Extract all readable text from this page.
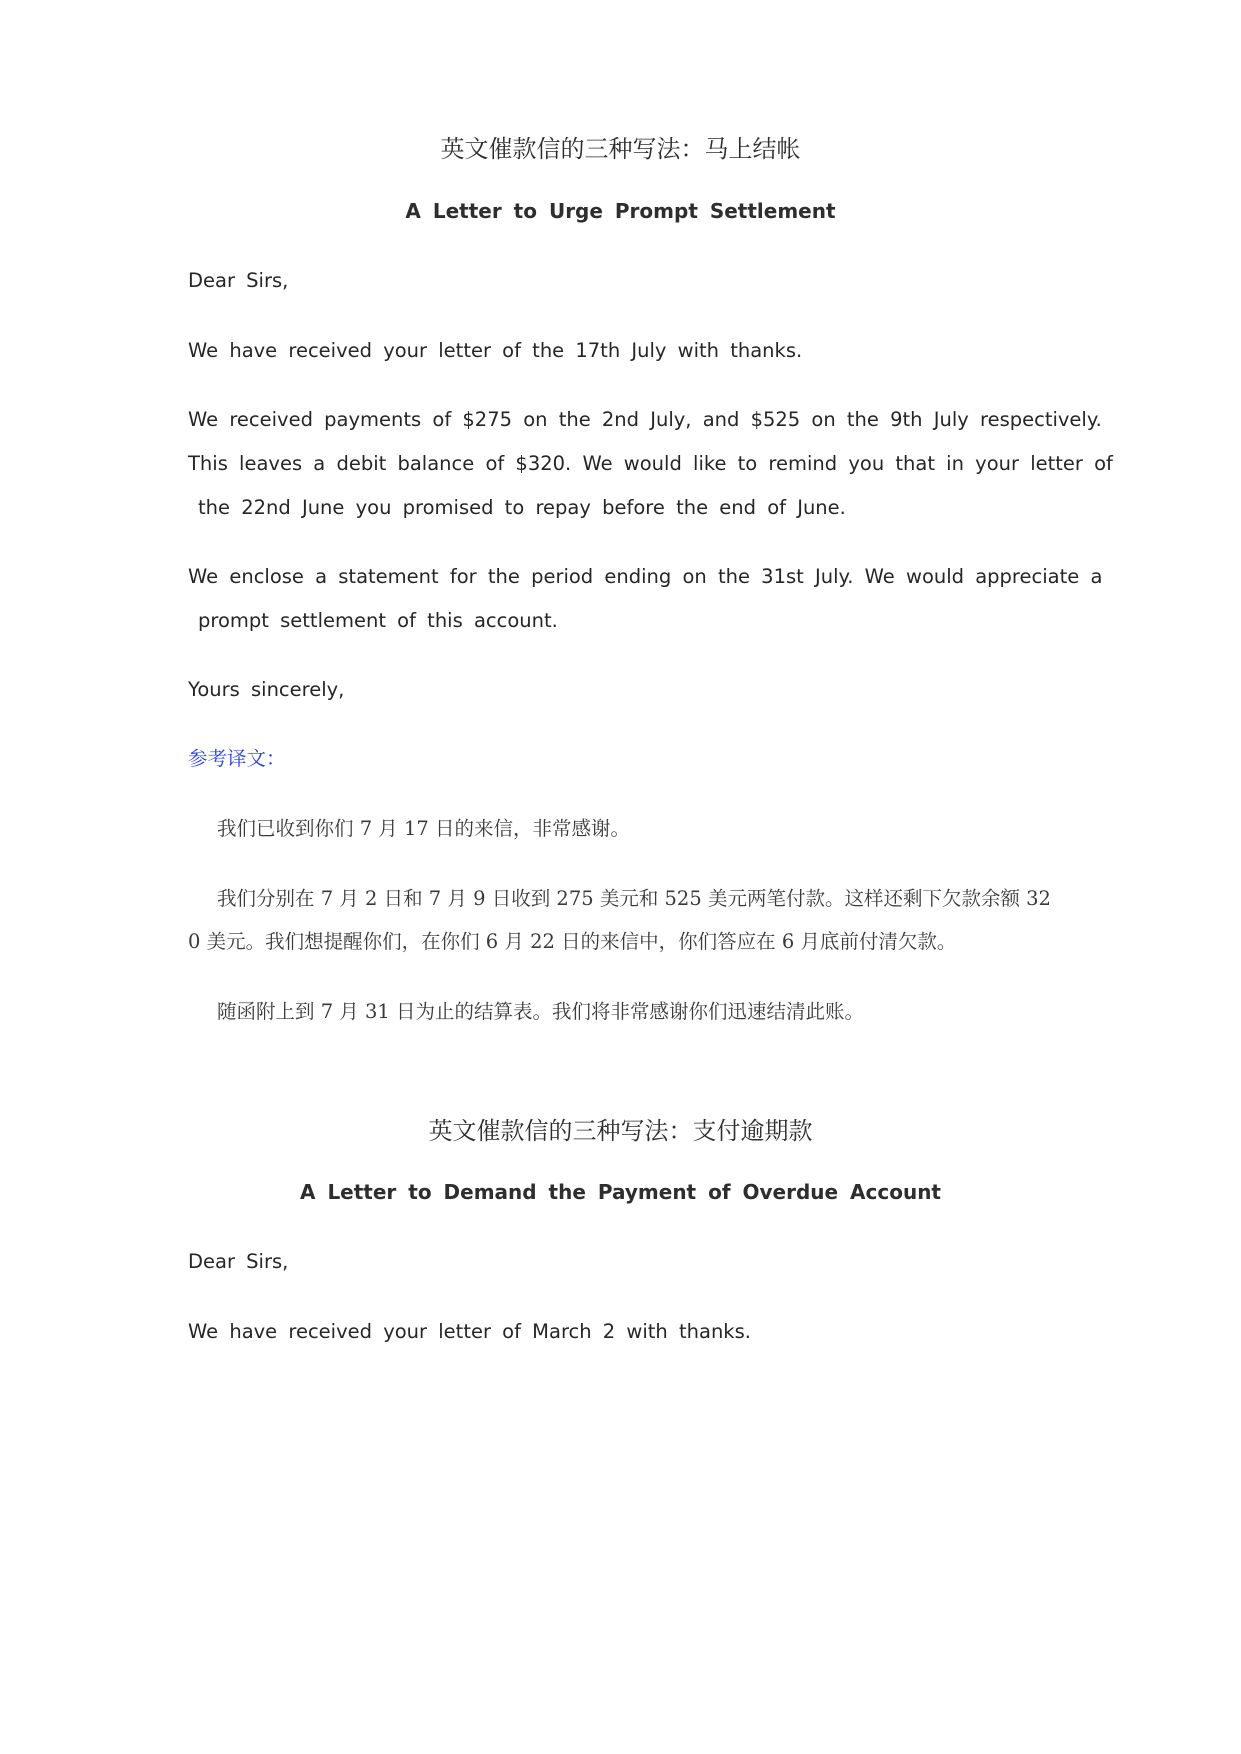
英文催款信的三种写法：马上结帐
A Letter to Urge Prompt Settlement
Dear Sirs,
We have received your letter of the 17th July with thanks.
We received payments of $275 on the 2nd July, and $525 on the 9th July respectively.
This leaves a debit balance of $320. We would like to remind you that in your letter of
the 22nd June you promised to repay before the end of June.
We enclose a statement for the period ending on the 31st July. We would appreciate a
prompt settlement of this account.
Yours sincerely,
参考译文：
我们已收到你们 7 月 17 日的来信，非常感谢。
我们分别在 7 月 2 日和 7 月 9 日收到 275 美元和 525 美元两笔付款。这样还剩下欠款余额 32
0 美元。我们想提醒你们，在你们 6 月 22 日的来信中，你们答应在 6 月底前付清欠款。
随函附上到 7 月 31 日为止的结算表。我们将非常感谢你们迅速结清此账。
英文催款信的三种写法：支付逾期款
A Letter to Demand the Payment of Overdue Account
Dear Sirs,
We have received your letter of March 2 with thanks.
